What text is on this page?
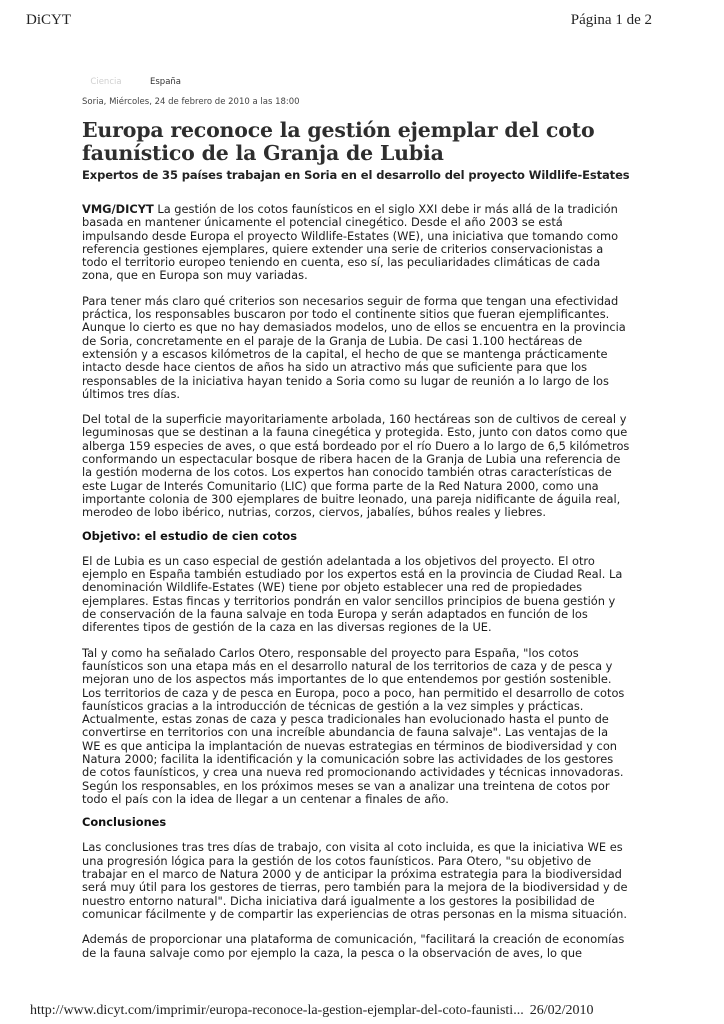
DiCYT	Página 1 de 2
Ciencia	España
Soria, Miércoles, 24 de febrero de 2010 a las 18:00
Europa reconoce la gestión ejemplar del coto faunístico de la Granja de Lubia
Expertos de 35 países trabajan en Soria en el desarrollo del proyecto Wildlife-Estates

VMG/DICYT La gestión de los cotos faunísticos en el siglo XXI debe ir más allá de la tradición basada en mantener únicamente el potencial cinegético. Desde el año 2003 se está impulsando desde Europa el proyecto Wildlife-Estates (WE), una iniciativa que tomando como referencia gestiones ejemplares, quiere extender una serie de criterios conservacionistas a todo el territorio europeo teniendo en cuenta, eso sí, las peculiaridades climáticas de cada zona, que en Europa son muy variadas.

Para tener más claro qué criterios son necesarios seguir de forma que tengan una efectividad práctica, los responsables buscaron por todo el continente sitios que fueran ejemplificantes. Aunque lo cierto es que no hay demasiados modelos, uno de ellos se encuentra en la provincia de Soria, concretamente en el paraje de la Granja de Lubia. De casi 1.100 hectáreas de extensión y a escasos kilómetros de la capital, el hecho de que se mantenga prácticamente intacto desde hace cientos de años ha sido un atractivo más que suficiente para que los responsables de la iniciativa hayan tenido a Soria como su lugar de reunión a lo largo de los últimos tres días.

Del total de la superficie mayoritariamente arbolada, 160 hectáreas son de cultivos de cereal y leguminosas que se destinan a la fauna cinegética y protegida. Esto, junto con datos como que alberga 159 especies de aves, o que está bordeado por el río Duero a lo largo de 6,5 kilómetros conformando un espectacular bosque de ribera hacen de la Granja de Lubia una referencia de la gestión moderna de los cotos. Los expertos han conocido también otras características de este Lugar de Interés Comunitario (LIC) que forma parte de la Red Natura 2000, como una importante colonia de 300 ejemplares de buitre leonado, una pareja nidificante de águila real, merodeo de lobo ibérico, nutrias, corzos, ciervos, jabalíes, búhos reales y liebres.

Objetivo: el estudio de cien cotos

El de Lubia es un caso especial de gestión adelantada a los objetivos del proyecto. El otro ejemplo en España también estudiado por los expertos está en la provincia de Ciudad Real. La denominación Wildlife-Estates (WE) tiene por objeto establecer una red de propiedades ejemplares. Estas fincas y territorios pondrán en valor sencillos principios de buena gestión y de conservación de la fauna salvaje en toda Europa y serán adaptados en función de los diferentes tipos de gestión de la caza en las diversas regiones de la UE.

Tal y como ha señalado Carlos Otero, responsable del proyecto para España, "los cotos faunísticos son una etapa más en el desarrollo natural de los territorios de caza y de pesca y mejoran uno de los aspectos más importantes de lo que entendemos por gestión sostenible. Los territorios de caza y de pesca en Europa, poco a poco, han permitido el desarrollo de cotos faunísticos gracias a la introducción de técnicas de gestión a la vez simples y prácticas. Actualmente, estas zonas de caza y pesca tradicionales han evolucionado hasta el punto de convertirse en territorios con una increíble abundancia de fauna salvaje". Las ventajas de la WE es que anticipa la implantación de nuevas estrategias en términos de biodiversidad y con Natura 2000; facilita la identificación y la comunicación sobre las actividades de los gestores de cotos faunísticos, y crea una nueva red promocionando actividades y técnicas innovadoras. Según los responsables, en los próximos meses se van a analizar una treintena de cotos por todo el país con la idea de llegar a un centenar a finales de año.

Conclusiones

Las conclusiones tras tres días de trabajo, con visita al coto incluida, es que la iniciativa WE es una progresión lógica para la gestión de los cotos faunísticos. Para Otero, "su objetivo de trabajar en el marco de Natura 2000 y de anticipar la próxima estrategia para la biodiversidad será muy útil para los gestores de tierras, pero también para la mejora de la biodiversidad y de nuestro entorno natural". Dicha iniciativa dará igualmente a los gestores la posibilidad de comunicar fácilmente y de compartir las experiencias de otras personas en la misma situación.

Además de proporcionar una plataforma de comunicación, "facilitará la creación de economías de la fauna salvaje como por ejemplo la caza, la pesca o la observación de aves, lo que

http://www.dicyt.com/imprimir/europa-reconoce-la-gestion-ejemplar-del-coto-faunisti... 26/02/2010
